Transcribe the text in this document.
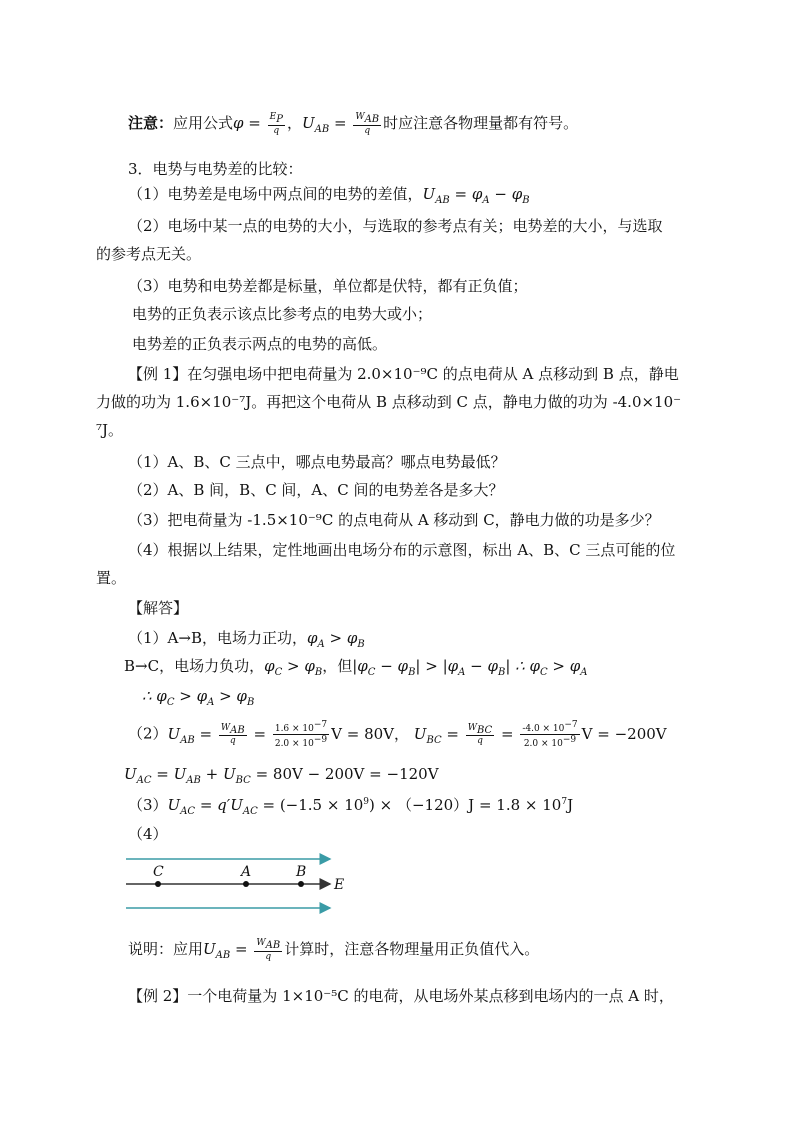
注意：应用公式$\varphi = \frac{E_P}{q}$ ，$U_{AB} = \frac{W_{AB}}{q}$ 时应注意各物理量都有符号。
3．电势与电势差的比较：
（1）电势差是电场中两点间的电势的差值，$U_{AB} = \varphi_A - \varphi_B$
（2）电场中某一点的电势的大小，与选取的参考点有关；电势差的大小，与选取
的参考点无关。
（3）电势和电势差都是标量，单位都是伏特，都有正负值；
电势的正负表示该点比参考点的电势大或小；
电势差的正负表示两点的电势的高低。
【例 1】在匀强电场中把电荷量为 2.0×10⁻⁹C 的点电荷从 A 点移动到 B 点，静电
力做的功为 1.6×10⁻⁷J。再把这个电荷从 B 点移动到 C 点，静电力做的功为 -4.0×10⁻
⁷J。
（1）A、B、C 三点中，哪点电势最高？哪点电势最低？
（2）A、B 间，B、C 间，A、C 间的电势差各是多大？
（3）把电荷量为 -1.5×10⁻⁹C 的点电荷从 A 移动到 C，静电力做的功是多少？
（4）根据以上结果，定性地画出电场分布的示意图，标出 A、B、C 三点可能的位
置。
【解答】
（1）A→B，电场力正功，$\varphi_A > \varphi_B$
B→C，电场力负功，$\varphi_C > \varphi_B$，但$|\varphi_C - \varphi_B| > |\varphi_A - \varphi_B|$ ∴ $\varphi_C > \varphi_A$
∴ $\varphi_C > \varphi_A > \varphi_B$
$(2)U_{AB} = \frac{W_{AB}}{q} = \frac{1.6 \times 10^{-7}}{2.0 \times 10^{-9}}$ V = 80V， $U_{BC} = \frac{W_{BC}}{q} = \frac{-4.0 \times 10^{-7}}{2.0 \times 10^{-9}}$ V = −200V
$U_{AC} = U_{AB} + U_{BC} = 80V - 200V = -120V$
$(3)U_{AC} = q'U_{AC} = (-1.5 \times 10^9) \times (-120)J = 1.8 \times 10^7J$
（4）
C	A	B
E
说明：应用$U_{AB} = \frac{W_{AB}}{q}$ 计算时，注意各物理量用正负值代入。
【例 2】一个电荷量为 1×10⁻⁵C 的电荷，从电场外某点移到电场内的一点 A 时，
